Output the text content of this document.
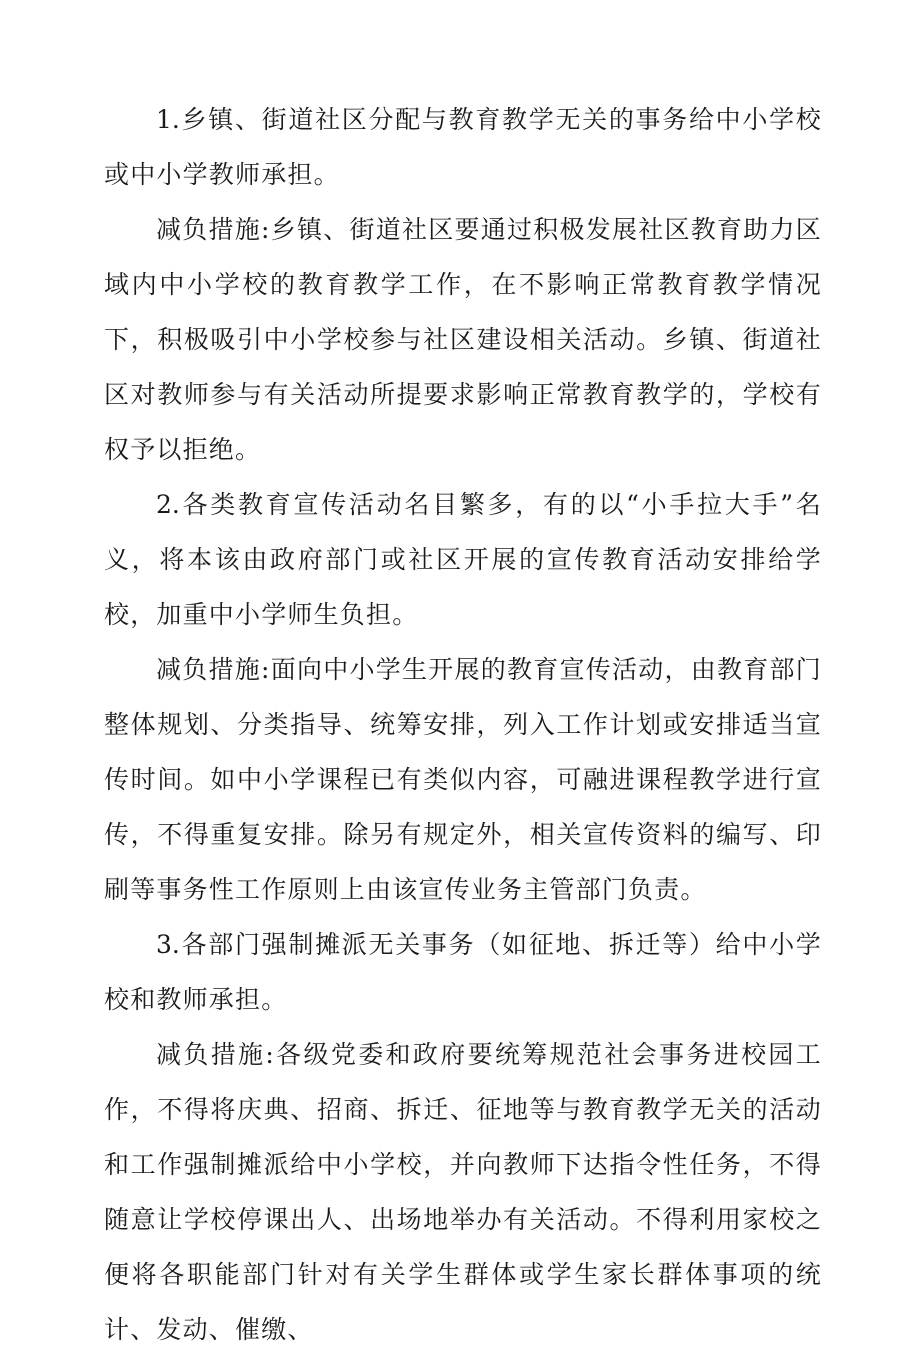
1.乡镇、街道社区分配与教育教学无关的事务给中小学校或中小学教师承担。

减负措施:乡镇、街道社区要通过积极发展社区教育助力区域内中小学校的教育教学工作，在不影响正常教育教学情况下，积极吸引中小学校参与社区建设相关活动。乡镇、街道社区对教师参与有关活动所提要求影响正常教育教学的，学校有权予以拒绝。

2.各类教育宣传活动名目繁多，有的以“小手拉大手”名义，将本该由政府部门或社区开展的宣传教育活动安排给学校，加重中小学师生负担。

减负措施:面向中小学生开展的教育宣传活动，由教育部门整体规划、分类指导、统筹安排，列入工作计划或安排适当宣传时间。如中小学课程已有类似内容，可融进课程教学进行宣传，不得重复安排。除另有规定外，相关宣传资料的编写、印刷等事务性工作原则上由该宣传业务主管部门负责。

3.各部门强制摊派无关事务（如征地、拆迁等）给中小学校和教师承担。

减负措施:各级党委和政府要统筹规范社会事务进校园工作，不得将庆典、招商、拆迁、征地等与教育教学无关的活动和工作强制摊派给中小学校，并向教师下达指令性任务，不得随意让学校停课出人、出场地举办有关活动。不得利用家校之便将各职能部门针对有关学生群体或学生家长群体事项的统计、发动、催缴、
